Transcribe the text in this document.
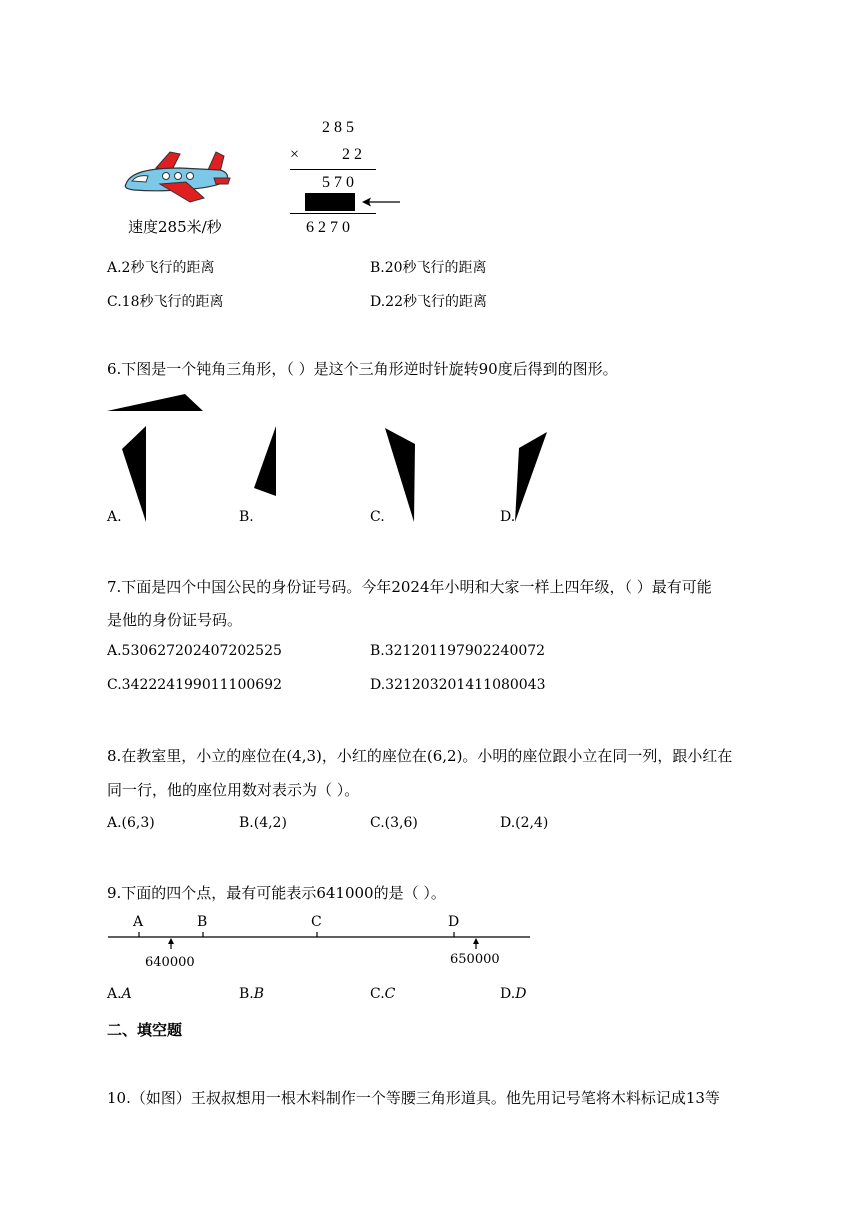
速度285米/秒
2 8 5
×	2 2
5 7 0
6 2 7 0
A.2秒飞行的距离	B.20秒飞行的距离
C.18秒飞行的距离	D.22秒飞行的距离
6.下图是一个钝角三角形，（ ）是这个三角形逆时针旋转90度后得到的图形。
A.	B.	C.	D.
7.下面是四个中国公民的身份证号码。今年2024年小明和大家一样上四年级，（ ）最有可能
是他的身份证号码。
A.530627202407202525	B.321201197902240072
C.342224199011100692	D.321203201411080043
8.在教室里，小立的座位在(4,3)，小红的座位在(6,2)。小明的座位跟小立在同一列，跟小红在
同一行，他的座位用数对表示为（ ）。
A.(6,3)	B.(4,2)	C.(3,6)	D.(2,4)
9.下面的四个点，最有可能表示641000的是（ ）。
A	B	C	D
640000	650000
A.A	B.B	C.C	D.D
二、填空题
10.（如图）王叔叔想用一根木料制作一个等腰三角形道具。他先用记号笔将木料标记成13等
